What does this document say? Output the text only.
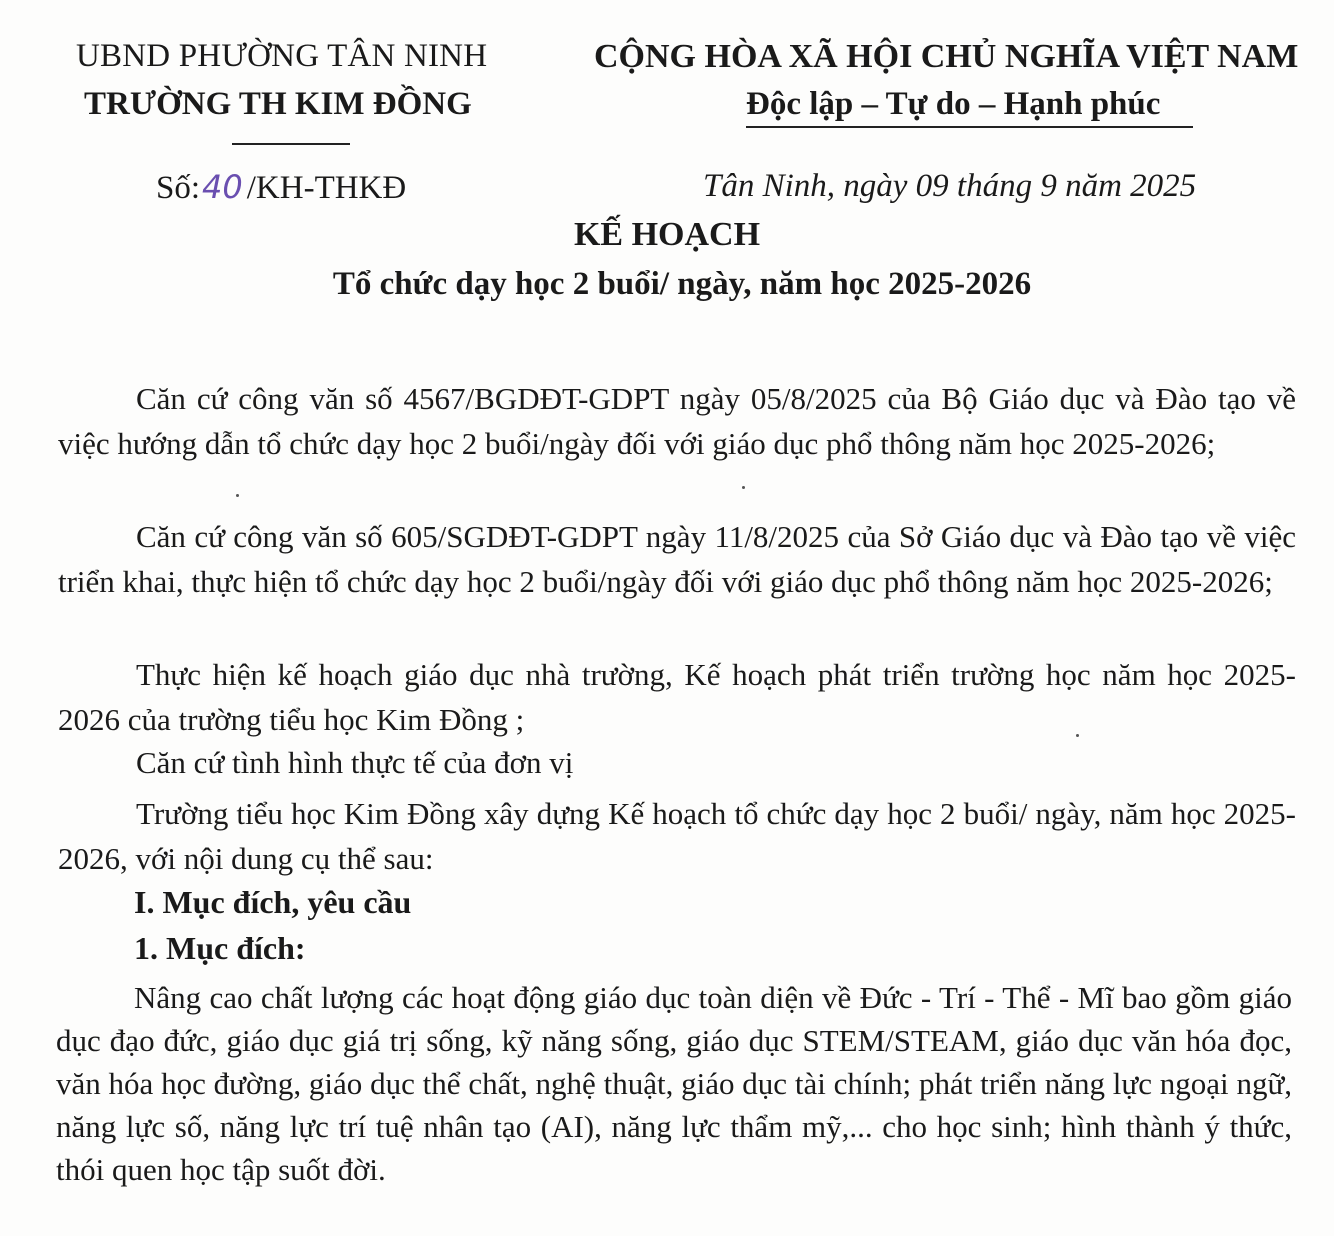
UBND PHƯỜNG TÂN NINH
TRƯỜNG TH KIM ĐỒNG
Số:40 /KH-THKĐ
CỘNG HÒA XÃ HỘI CHỦ NGHĨA VIỆT NAM
Độc lập – Tự do – Hạnh phúc
Tân Ninh, ngày 09 tháng 9 năm 2025
KẾ HOẠCH
Tổ chức dạy học 2 buổi/ ngày, năm học 2025-2026
Căn cứ công văn số 4567/BGDĐT-GDPT ngày 05/8/2025 của Bộ Giáo dục và Đào tạo về việc hướng dẫn tổ chức dạy học 2 buổi/ngày đối với giáo dục phổ thông năm học 2025-2026;
Căn cứ công văn số 605/SGDĐT-GDPT ngày 11/8/2025 của Sở Giáo dục và Đào tạo về việc triển khai, thực hiện tổ chức dạy học 2 buổi/ngày đối với giáo dục phổ thông năm học 2025-2026;
Thực hiện kế hoạch giáo dục nhà trường, Kế hoạch phát triển trường học năm học 2025-2026 của trường tiểu học Kim Đồng ;
Căn cứ tình hình thực tế của đơn vị
Trường tiểu học Kim Đồng xây dựng Kế hoạch tổ chức dạy học 2 buổi/ ngày, năm học 2025- 2026, với nội dung cụ thể sau:
I. Mục đích, yêu cầu
1. Mục đích:
Nâng cao chất lượng các hoạt động giáo dục toàn diện về Đức - Trí - Thể - Mĩ bao gồm giáo dục đạo đức, giáo dục giá trị sống, kỹ năng sống, giáo dục STEM/STEAM, giáo dục văn hóa đọc, văn hóa học đường, giáo dục thể chất, nghệ thuật, giáo dục tài chính; phát triển năng lực ngoại ngữ, năng lực số, năng lực trí tuệ nhân tạo (AI), năng lực thẩm mỹ,... cho học sinh; hình thành ý thức, thói quen học tập suốt đời.
